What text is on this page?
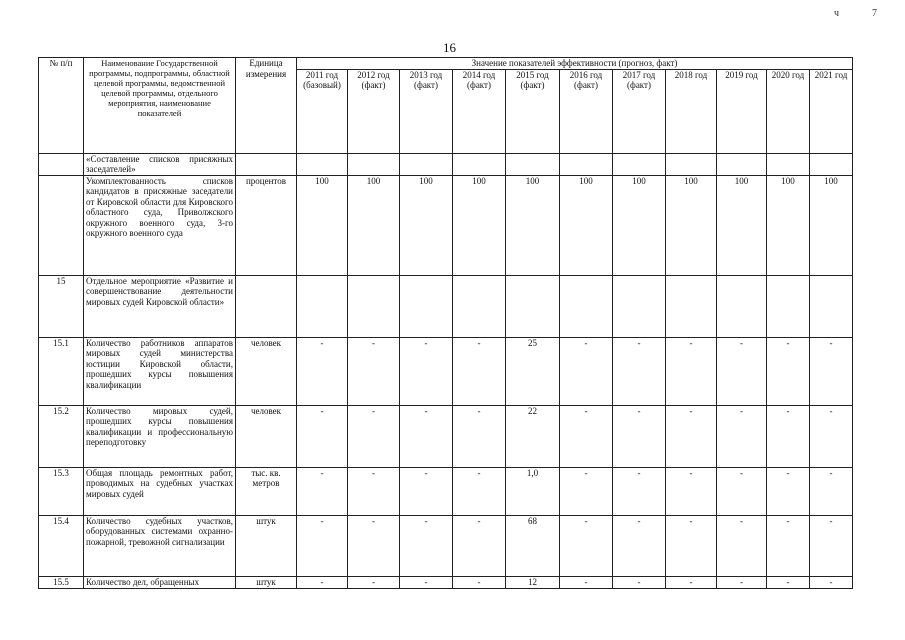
16
ч	7
№ п/п	Наименование Государственной программы, подпрограммы, областной целевой программы, ведомственной целевой программы, отдельного мероприятия, наименование показателей	Единица измерения	Значение показателей эффективности (прогноз, факт)										
			2011 год (базовый)	2012 год (факт)	2013 год (факт)	2014 год (факт)	2015 год (факт)	2016 год (факт)	2017 год (факт)	2018 год	2019 год	2020 год	2021 год
	«Составление списков присяжных заседателей»												
	Укомплектованность списков кандидатов в присяжные заседатели от Кировской области для Кировского областного суда, Приволжского окружного военного суда, 3-го окружного военного суда	процентов	100	100	100	100	100	100	100	100	100	100	100
15	Отдельное мероприятие «Развитие и совершенствование деятельности мировых судей Кировской области»												
15.1	Количество работников аппаратов мировых судей министерства юстиции Кировской области, прошедших курсы повышения квалификации	человек	-	-	-	-	25	-	-	-	-	-	-
15.2	Количество мировых судей, прошедших курсы повышения квалификации и профессиональную переподготовку	человек	-	-	-	-	22	-	-	-	-	-	-
15.3	Общая площадь ремонтных работ, проводимых на судебных участках мировых судей	тыс. кв. метров	-	-	-	-	1,0	-	-	-	-	-	-
15.4	Количество судебных участков, оборудованных системами охранно-пожарной, тревожной сигнализации	штук	-	-	-	-	68	-	-	-	-	-	-
15.5	Количество дел, обращенных	штук	-	-	-	-	12	-	-	-	-	-	-
